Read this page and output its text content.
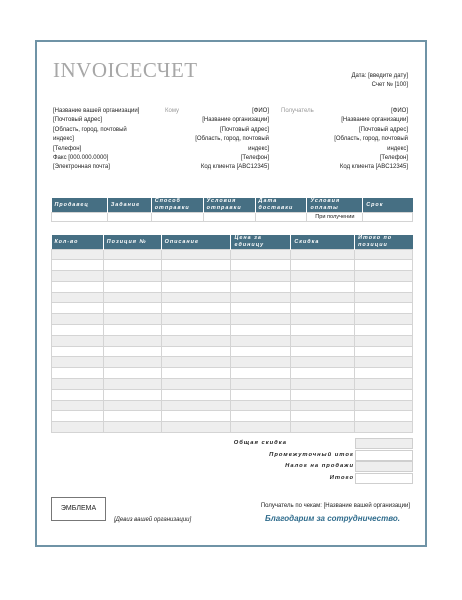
INVOICEСЧЕТ	Дата: [введите дату]
Счет № [100]
[Название вашей организации]
[Почтовый адрес]
[Область, город, почтовый
индекс]
[Телефон]
Факс [000.000.0000]
[Электронная почта]
Кому	[ФИО]
[Название организации]
[Почтовый адрес]
[Область, город, почтовый
индекс]
[Телефон]
Код клиента [ABC12345]
Получатель	[ФИО]
[Название организации]
[Почтовый адрес]
[Область, город, почтовый
индекс]
[Телефон]
Код клиента [ABC12345]
Продавец	Задание	Способ отправки	Условия отправки	Дата доставки	Условия оплаты	Срок
					При получении	
Кол-во	Позиция №	Описание	Цена за единицу	Скидка	Итого по позиции

Общая скидка
Промежуточный итог
Налог на продажи
Итого
ЭМБЛЕМА
[Девиз вашей организации]
Получатель по чекам: [Название вашей организации]
Благодарим за сотрудничество.
